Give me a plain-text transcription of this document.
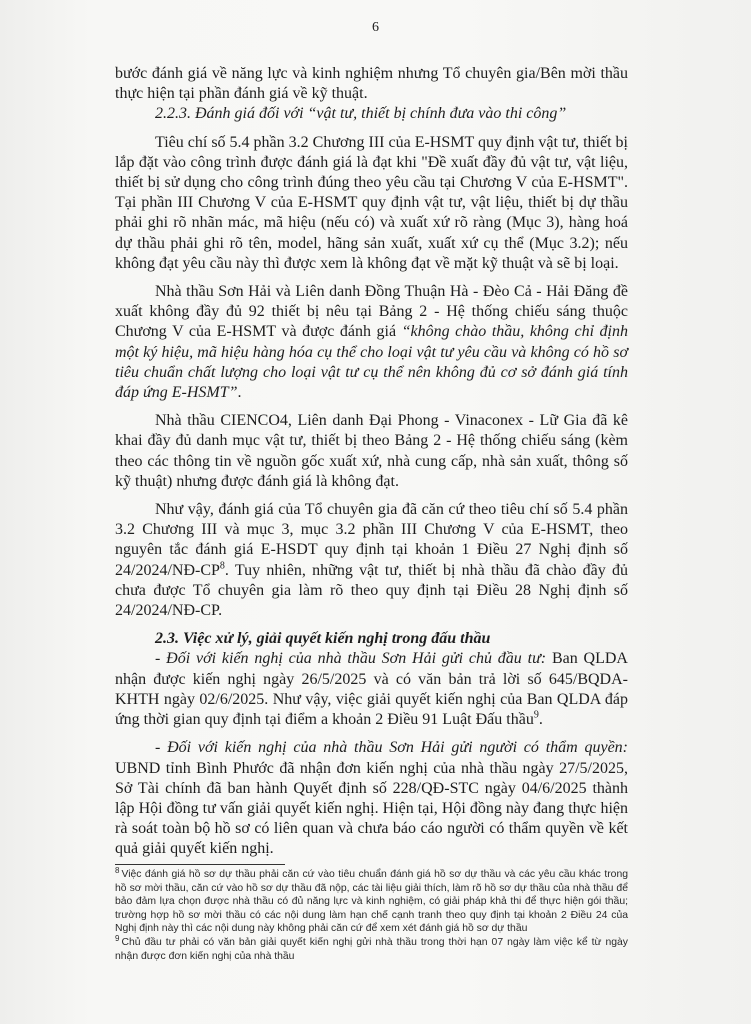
6

bước đánh giá về năng lực và kinh nghiệm nhưng Tổ chuyên gia/Bên mời thầu thực hiện tại phần đánh giá về kỹ thuật.

2.2.3. Đánh giá đối với “vật tư, thiết bị chính đưa vào thi công”

Tiêu chí số 5.4 phần 3.2 Chương III của E-HSMT quy định vật tư, thiết bị lắp đặt vào công trình được đánh giá là đạt khi "Đề xuất đầy đủ vật tư, vật liệu, thiết bị sử dụng cho công trình đúng theo yêu cầu tại Chương V của E-HSMT". Tại phần III Chương V của E-HSMT quy định vật tư, vật liệu, thiết bị dự thầu phải ghi rõ nhãn mác, mã hiệu (nếu có) và xuất xứ rõ ràng (Mục 3), hàng hoá dự thầu phải ghi rõ tên, model, hãng sản xuất, xuất xứ cụ thể (Mục 3.2); nếu không đạt yêu cầu này thì được xem là không đạt về mặt kỹ thuật và sẽ bị loại.

Nhà thầu Sơn Hải và Liên danh Đồng Thuận Hà - Đèo Cả - Hải Đăng đề xuất không đầy đủ 92 thiết bị nêu tại Bảng 2 - Hệ thống chiếu sáng thuộc Chương V của E-HSMT và được đánh giá “không chào thầu, không chỉ định một ký hiệu, mã hiệu hàng hóa cụ thể cho loại vật tư yêu cầu và không có hồ sơ tiêu chuẩn chất lượng cho loại vật tư cụ thể nên không đủ cơ sở đánh giá tính đáp ứng E-HSMT”.

Nhà thầu CIENCO4, Liên danh Đại Phong - Vinaconex - Lữ Gia đã kê khai đầy đủ danh mục vật tư, thiết bị theo Bảng 2 - Hệ thống chiếu sáng (kèm theo các thông tin về nguồn gốc xuất xứ, nhà cung cấp, nhà sản xuất, thông số kỹ thuật) nhưng được đánh giá là không đạt.

Như vậy, đánh giá của Tổ chuyên gia đã căn cứ theo tiêu chí số 5.4 phần 3.2 Chương III và mục 3, mục 3.2 phần III Chương V của E-HSMT, theo nguyên tắc đánh giá E-HSDT quy định tại khoản 1 Điều 27 Nghị định số $24/2024/NĐ-CP^8$. Tuy nhiên, những vật tư, thiết bị nhà thầu đã chào đầy đủ chưa được Tổ chuyên gia làm rõ theo quy định tại Điều 28 Nghị định số 24/2024/NĐ-CP.

2.3. Việc xử lý, giải quyết kiến nghị trong đấu thầu

- Đối với kiến nghị của nhà thầu Sơn Hải gửi chủ đầu tư: Ban QLDA nhận được kiến nghị ngày 26/5/2025 và có văn bản trả lời số 645/BQDA-KHTH ngày 02/6/2025. Như vậy, việc giải quyết kiến nghị của Ban QLDA đáp ứng thời gian quy định tại điểm a khoản 2 Điều 91 Luật Đấu thầu$^9$.

- Đối với kiến nghị của nhà thầu Sơn Hải gửi người có thẩm quyền: UBND tỉnh Bình Phước đã nhận đơn kiến nghị của nhà thầu ngày 27/5/2025, Sở Tài chính đã ban hành Quyết định số 228/QĐ-STC ngày 04/6/2025 thành lập Hội đồng tư vấn giải quyết kiến nghị. Hiện tại, Hội đồng này đang thực hiện rà soát toàn bộ hồ sơ có liên quan và chưa báo cáo người có thẩm quyền về kết quả giải quyết kiến nghị.

$^8$ Việc đánh giá hồ sơ dự thầu phải căn cứ vào tiêu chuẩn đánh giá hồ sơ dự thầu và các yêu cầu khác trong hồ sơ mời thầu, căn cứ vào hồ sơ dự thầu đã nộp, các tài liệu giải thích, làm rõ hồ sơ dự thầu của nhà thầu để bảo đảm lựa chọn được nhà thầu có đủ năng lực và kinh nghiệm, có giải pháp khả thi để thực hiện gói thầu; trường hợp hồ sơ mời thầu có các nội dung làm hạn chế cạnh tranh theo quy định tại khoản 2 Điều 24 của Nghị định này thì các nội dung này không phải căn cứ để xem xét đánh giá hồ sơ dự thầu

$^9$ Chủ đầu tư phải có văn bản giải quyết kiến nghị gửi nhà thầu trong thời hạn 07 ngày làm việc kể từ ngày nhận được đơn kiến nghị của nhà thầu
